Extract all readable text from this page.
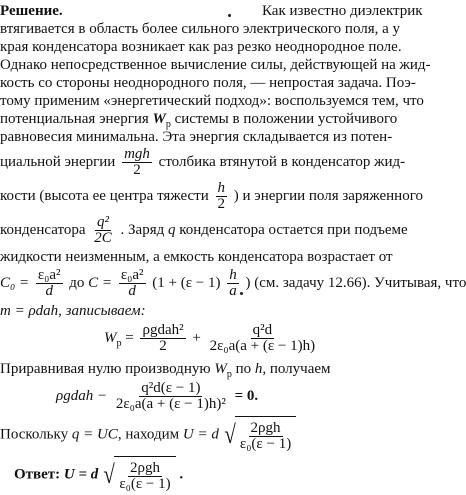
Решение.	Как известно диэлектрик
втягивается в область более сильного электрического поля, а у
края конденсатора возникает как раз резко неоднородное поле.
Однако непосредственное вычисление силы, действующей на жид-
кость со стороны неоднородного поля, — непростая задача. Поэ-
тому применим «энергетический подход»: воспользуемся тем, что
потенциальная энергия $W_p$ системы в положении устойчивого
равновесия минимальна. Эта энергия складывается из потен-
циальной энергии $\frac{\text{mgh}}{2}$ столбика втянутой в конденсатор жид-
кости (высота ее центра тяжести $\frac{h}{2}$ ) и энергии поля заряженного
конденсатора $\frac{\text{q²}}{2C}$ . Заряд q конденсатора остается при подъеме
жидкости неизменным, а емкость конденсатора возрастает от
$C_0 = \frac{\text{ε₀a²}}{d}$ до $C = \frac{\text{ε₀a²}}{d} (1 + (\varepsilon - 1) \frac{h}{a}$ ) (см. задачу 12.66). Учитывая, что
m = ρdah, записываем:
$W_p = \frac{\text{ρgdah²}}{2} + \frac{\text{q²d}}{\text{2ε₀a(a + (ε − 1)h)}}$
Приравнивая нулю производную $W_p$ по h, получаем
ρgdah − $\frac{\text{q²d(ε − 1)}}{\text{2ε₀a(a + (ε − 1)h)²}} = 0$.
Поскольку q = UC, находим U = d √ $\frac{\text{2ρgh}}{\text{ε₀(ε − 1)}}$
Ответ: U = d √ $\frac{\text{2ρgh}}{\text{ε₀(ε − 1)}}$ .
